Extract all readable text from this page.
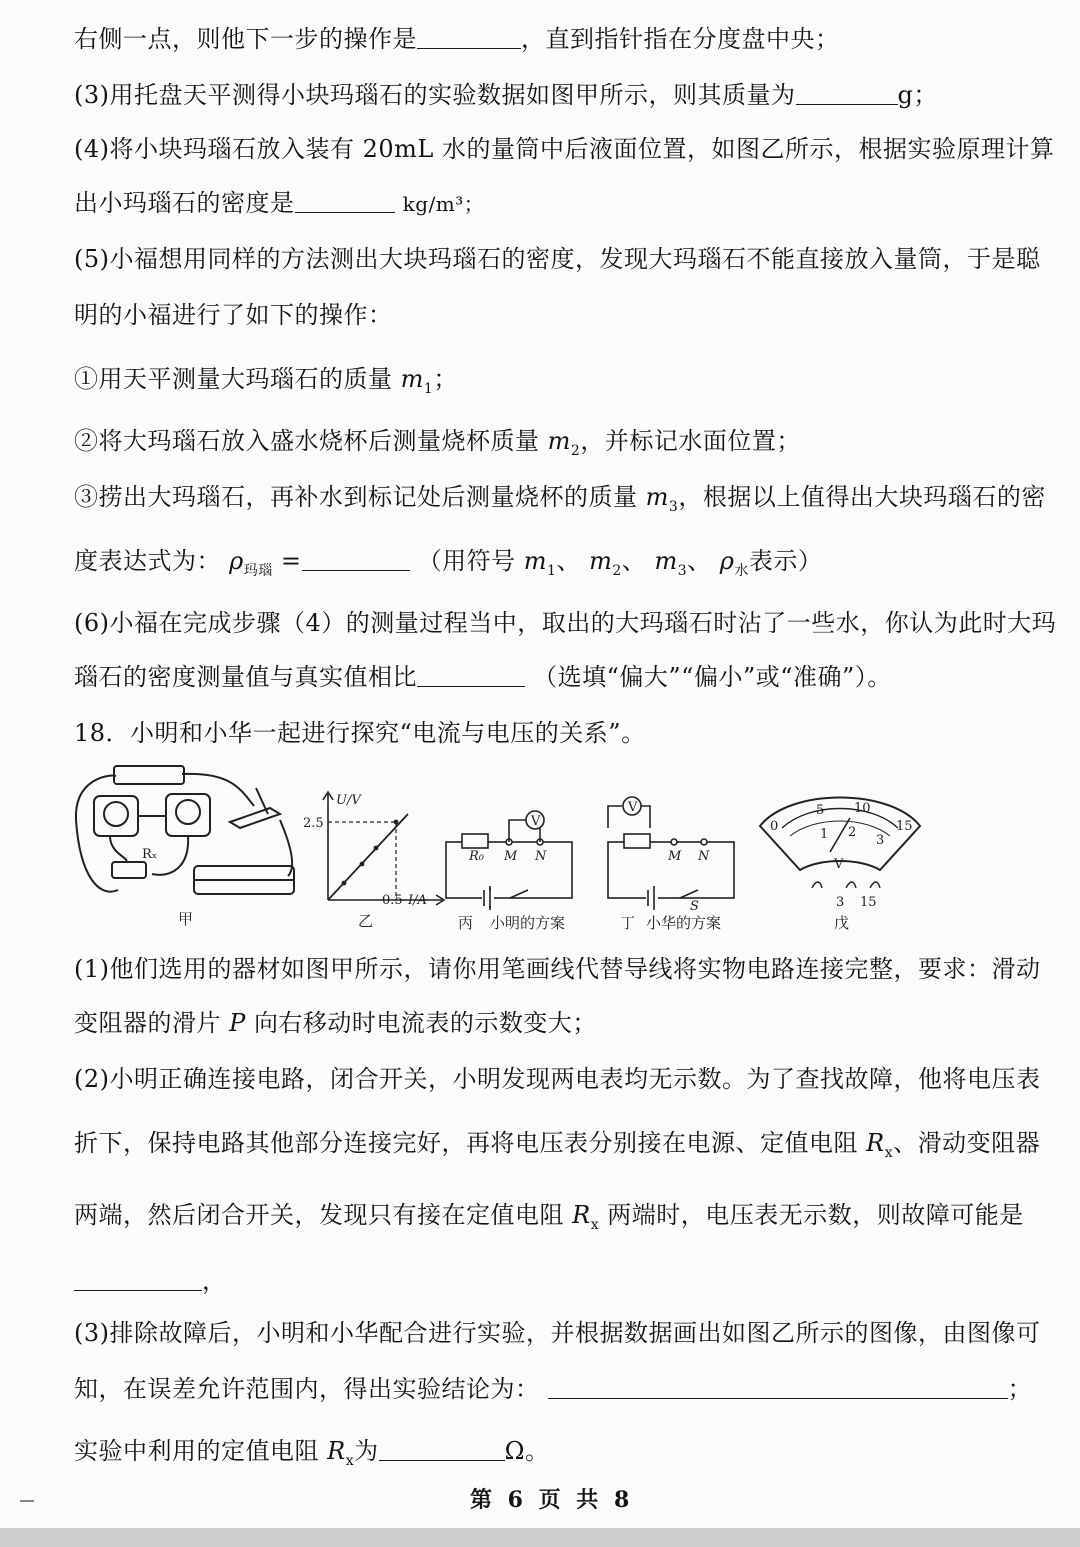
右侧一点，则他下一步的操作是	，直到指针指在分度盘中央；
(3)用托盘天平测得小块玛瑙石的实验数据如图甲所示，则其质量为	g；
(4)将小块玛瑙石放入装有 20mL 水的量筒中后液面位置，如图乙所示，根据实验原理计算
出小玛瑙石的密度是	kg/m³；
(5)小福想用同样的方法测出大块玛瑙石的密度，发现大玛瑙石不能直接放入量筒，于是聪
明的小福进行了如下的操作：
①用天平测量大玛瑙石的质量 $m_1$；
②将大玛瑙石放入盛水烧杯后测量烧杯质量 $m_2$，并标记水面位置；
③捞出大玛瑙石，再补水到标记处后测量烧杯的质量 $m_3$，根据以上值得出大块玛瑙石的密
度表达式为： $\rho_{玛瑙}$ =	（用符号 $m_1$、 $m_2$、 $m_3$、 $\rho_水$表示）
(6)小福在完成步骤（4）的测量过程当中，取出的大玛瑙石时沾了一些水，你认为此时大玛
瑙石的密度测量值与真实值相比	（选填“偏大”“偏小”或“准确”）。
18．小明和小华一起进行探究“电流与电压的关系”。
Rₓ
甲
U/V
2.5
0.5 I/A
乙
V
R₀ M N
丙 小明的方案
V
M N
S
丁 小华的方案
0
5 10
15
1 2
3
V
3 15
戊
(1)他们选用的器材如图甲所示，请你用笔画线代替导线将实物电路连接完整，要求：滑动
变阻器的滑片 P 向右移动时电流表的示数变大；
(2)小明正确连接电路，闭合开关，小明发现两电表均无示数。为了查找故障，他将电压表
折下，保持电路其他部分连接完好，再将电压表分别接在电源、定值电阻 $R_x$、滑动变阻器
两端，然后闭合开关，发现只有接在定值电阻 $R_x$ 两端时，电压表无示数，则故障可能是
，
(3)排除故障后，小明和小华配合进行实验，并根据数据画出如图乙所示的图像，由图像可
知，在误差允许范围内，得出实验结论为：	；
实验中利用的定值电阻 $R_x$为	Ω。
第 6 页 共 8
